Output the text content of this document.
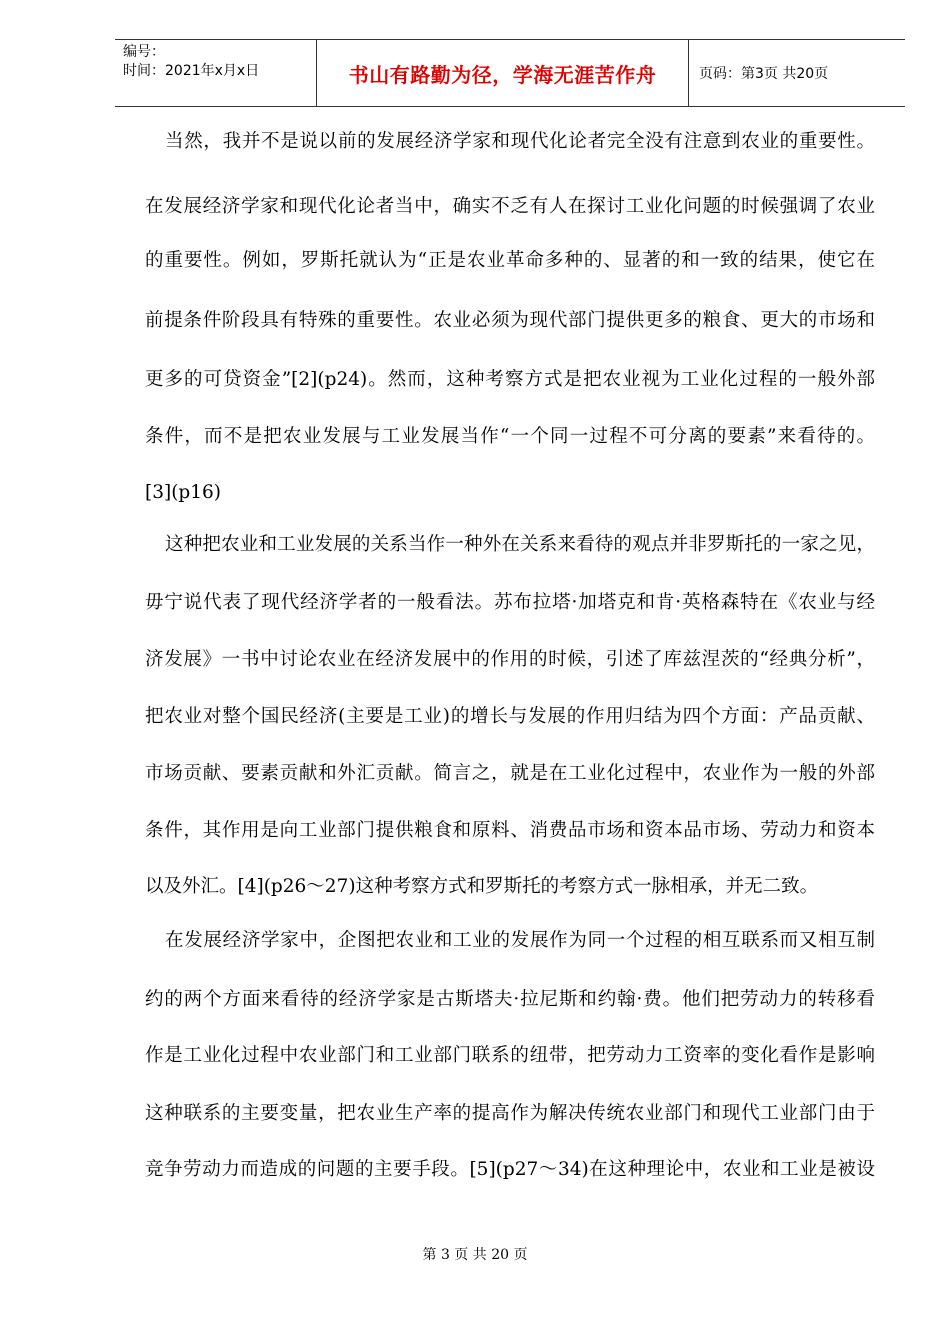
编号：
时间：2021年x月x日	书山有路勤为径，学海无涯苦作舟	页码：第3页 共20页
当然，我并不是说以前的发展经济学家和现代化论者完全没有注意到农业的重要性。
在发展经济学家和现代化论者当中，确实不乏有人在探讨工业化问题的时候强调了农业
的重要性。例如，罗斯托就认为“正是农业革命多种的、显著的和一致的结果，使它在
前提条件阶段具有特殊的重要性。农业必须为现代部门提供更多的粮食、更大的市场和
更多的可贷资金”[2](p24)。然而，这种考察方式是把农业视为工业化过程的一般外部
条件，而不是把农业发展与工业发展当作“一个同一过程不可分离的要素”来看待的。
[3](p16)
这种把农业和工业发展的关系当作一种外在关系来看待的观点并非罗斯托的一家之见，
毋宁说代表了现代经济学者的一般看法。苏布拉塔·加塔克和肯·英格森特在《农业与经
济发展》一书中讨论农业在经济发展中的作用的时候，引述了库兹涅茨的“经典分析”，
把农业对整个国民经济(主要是工业)的增长与发展的作用归结为四个方面：产品贡献、
市场贡献、要素贡献和外汇贡献。简言之，就是在工业化过程中，农业作为一般的外部
条件，其作用是向工业部门提供粮食和原料、消费品市场和资本品市场、劳动力和资本
以及外汇。[4](p26～27)这种考察方式和罗斯托的考察方式一脉相承，并无二致。
在发展经济学家中，企图把农业和工业的发展作为同一个过程的相互联系而又相互制
约的两个方面来看待的经济学家是古斯塔夫·拉尼斯和约翰·费。他们把劳动力的转移看
作是工业化过程中农业部门和工业部门联系的纽带，把劳动力工资率的变化看作是影响
这种联系的主要变量，把农业生产率的提高作为解决传统农业部门和现代工业部门由于
竞争劳动力而造成的问题的主要手段。[5](p27～34)在这种理论中，农业和工业是被设
第 3 页 共 20 页
